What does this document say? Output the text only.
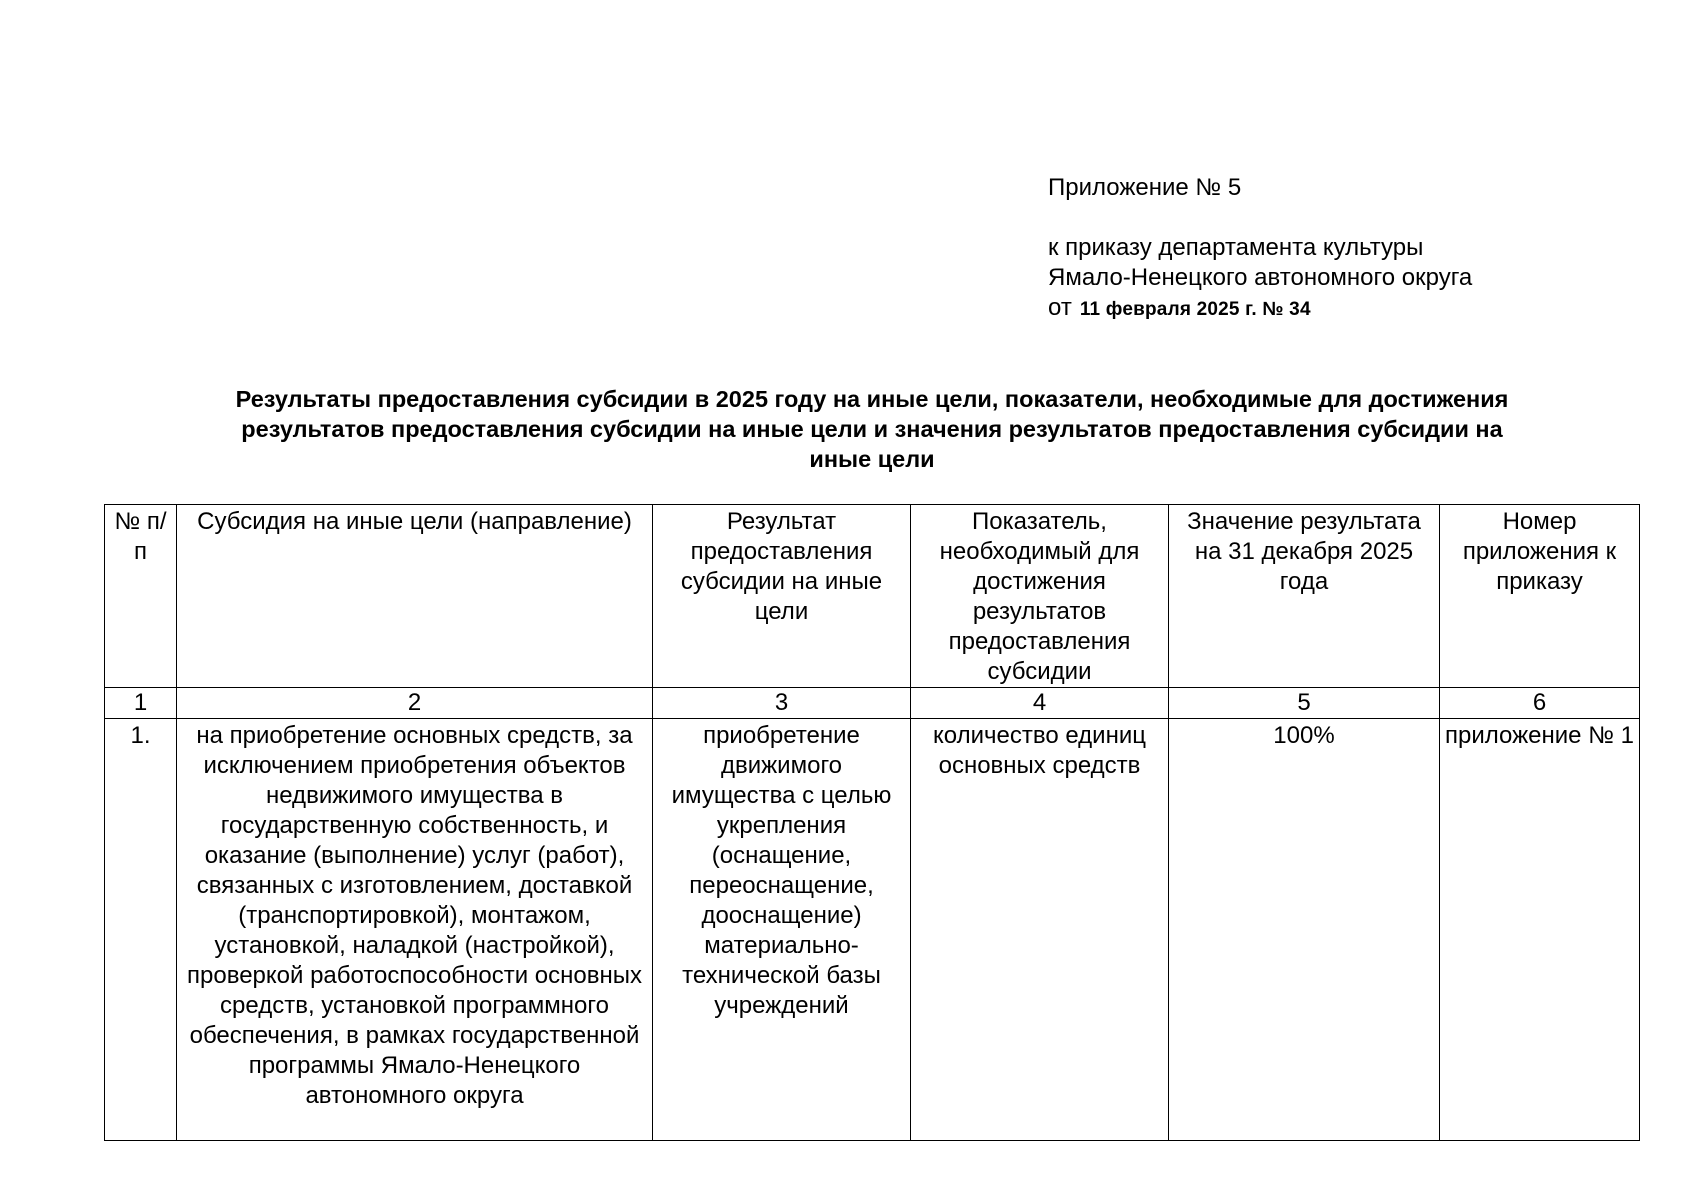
Приложение № 5
к приказу департамента культуры
Ямало-Ненецкого автономного округа
от 11 февраля 2025 г. № 34
Результаты предоставления субсидии в 2025 году на иные цели, показатели, необходимые для достижения
результатов предоставления субсидии на иные цели и значения результатов предоставления субсидии на
иные цели
№ п/п	Субсидия на иные цели (направление)	Результат предоставления субсидии на иные цели	Показатель, необходимый для достижения результатов предоставления субсидии	Значение результата на 31 декабря 2025 года	Номер приложения к приказу
1	2	3	4	5	6
1.	на приобретение основных средств, за исключением приобретения объектов недвижимого имущества в государственную собственность, и оказание (выполнение) услуг (работ), связанных с изготовлением, доставкой (транспортировкой), монтажом, установкой, наладкой (настройкой), проверкой работоспособности основных средств, установкой программного обеспечения, в рамках государственной программы Ямало-Ненецкого автономного округа	приобретение движимого имущества с целью укрепления (оснащение, переоснащение, дооснащение) материально-технической базы учреждений	количество единиц основных средств	100%	приложение № 1
